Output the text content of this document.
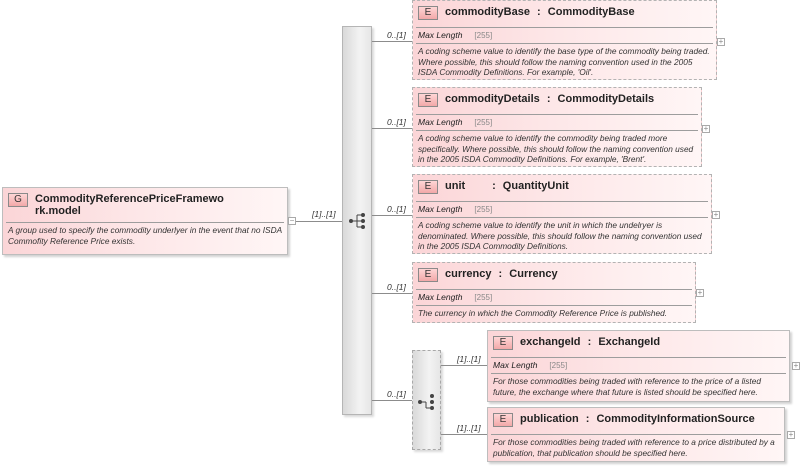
G	CommodityReferencePriceFramewo
rk.model
A group used to specify the commodity underlyer in the event that no ISDA Commofity Reference Price exists.
−
[1]..[1]
0..[1]
E	commodityBase : CommodityBase
Max Length [255]
A coding scheme value to identify the base type of the commodity being traded. Where possible, this should follow the naming convention used in the 2005 ISDA Commodity Definitions. For example, 'Oil'.
+
0..[1]
E	commodityDetails : CommodityDetails
Max Length [255]
A coding scheme value to identify the commodity being traded more specifically. Where possible, this should follow the naming convention used in the 2005 ISDA Commodity Definitions. For example, 'Brent'.
+
0..[1]
E	unit : QuantityUnit
Max Length [255]
A coding scheme value to identify the unit in which the undelryer is denominated. Where possible, this should follow the naming convention used in the 2005 ISDA Commodity Definitions.
+
0..[1]
E	currency : Currency
Max Length [255]
The currency in which the Commodity Reference Price is published.
+
0..[1]
[1]..[1]
E	exchangeId : ExchangeId
Max Length [255]
For those commodities being traded with reference to the price of a listed future, the exchange where that future is listed should be specified here.
+
[1]..[1]
E	publication : CommodityInformationSource
For those commodities being traded with reference to a price distributed by a publication, that publication should be specified here.
+
